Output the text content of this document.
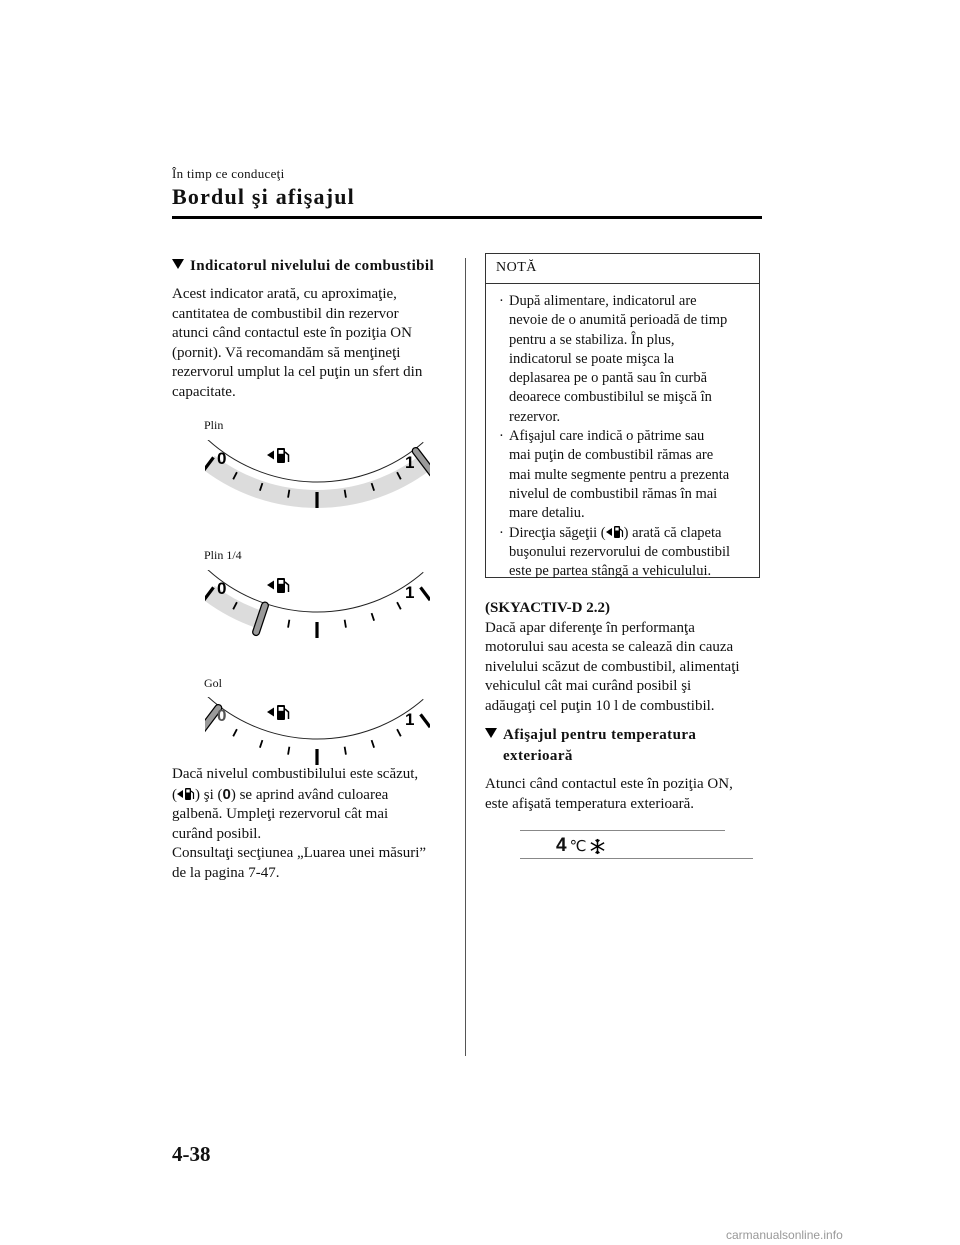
În timp ce conduceţi
Bordul şi afişajul
Indicatorul nivelului de combustibil
Acest indicator arată, cu aproximaţie,
cantitatea de combustibil din rezervor
atunci când contactul este în poziţia ON
(pornit). Vă recomandăm să menţineţi
rezervorul umplut la cel puţin un sfert din
capacitate.
Plin
0	1
Plin 1/4
0	1
Gol
0	1
Dacă nivelul combustibilului este scăzut,
( ) şi (0) se aprind având culoarea
galbenă. Umpleţi rezervorul cât mai
curând posibil.
Consultaţi secţiunea „Luarea unei măsuri”
de la pagina 7-47.
NOTĂ
· După alimentare, indicatorul are
nevoie de o anumită perioadă de timp
pentru a se stabiliza. În plus,
indicatorul se poate mişca la
deplasarea pe o pantă sau în curbă
deoarece combustibilul se mişcă în
rezervor.
· Afişajul care indică o pătrime sau
mai puţin de combustibil rămas are
mai multe segmente pentru a prezenta
nivelul de combustibil rămas în mai
mare detaliu.
· Direcţia săgeţii ( ) arată că clapeta
buşonului rezervorului de combustibil
este pe partea stângă a vehiculului.
(SKYACTIV-D 2.2)
Dacă apar diferenţe în performanţa
motorului sau acesta se calează din cauza
nivelului scăzut de combustibil, alimentaţi
vehiculul cât mai curând posibil şi
adăugaţi cel puţin 10 l de combustibil.
Afişajul pentru temperatura
exterioară
Atunci când contactul este în poziţia ON,
este afişată temperatura exterioară.
4 ℃
4-38
carmanualsonline.info
